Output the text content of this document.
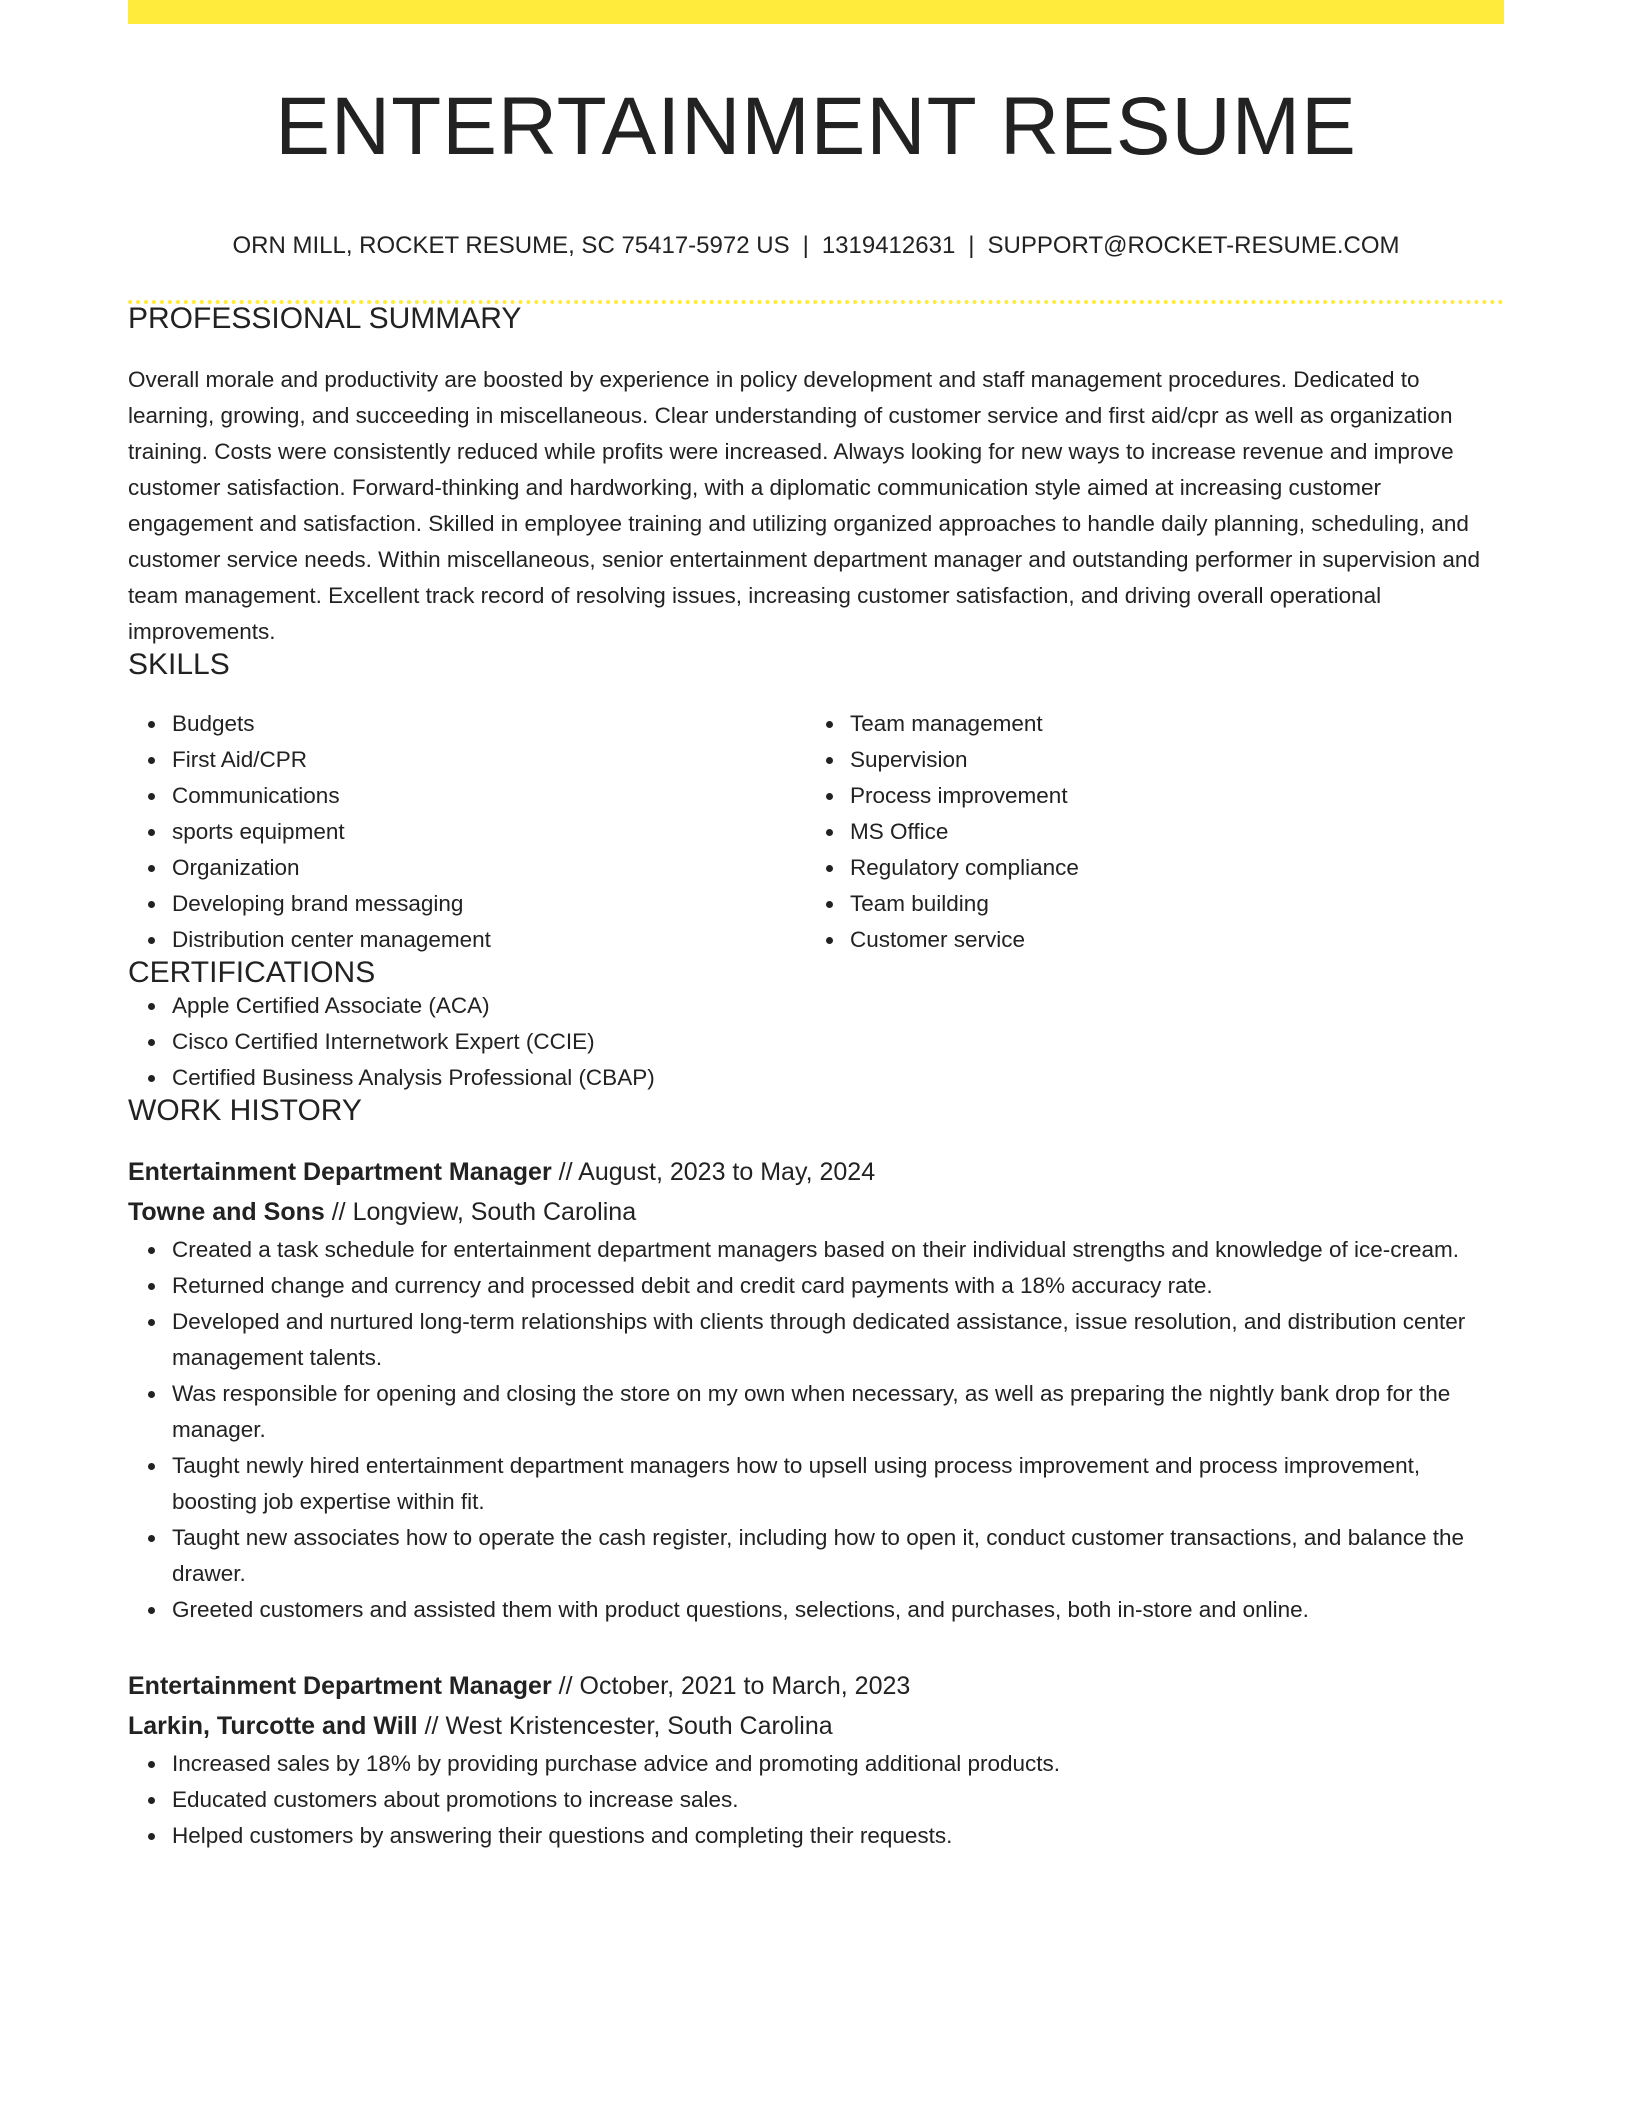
ENTERTAINMENT RESUME
ORN MILL, ROCKET RESUME, SC 75417-5972 US | 1319412631 | SUPPORT@ROCKET-RESUME.COM
PROFESSIONAL SUMMARY
Overall morale and productivity are boosted by experience in policy development and staff management procedures. Dedicated to learning, growing, and succeeding in miscellaneous. Clear understanding of customer service and first aid/cpr as well as organization training. Costs were consistently reduced while profits were increased. Always looking for new ways to increase revenue and improve customer satisfaction. Forward-thinking and hardworking, with a diplomatic communication style aimed at increasing customer engagement and satisfaction. Skilled in employee training and utilizing organized approaches to handle daily planning, scheduling, and customer service needs. Within miscellaneous, senior entertainment department manager and outstanding performer in supervision and team management. Excellent track record of resolving issues, increasing customer satisfaction, and driving overall operational improvements.
SKILLS
Budgets
First Aid/CPR
Communications
sports equipment
Organization
Developing brand messaging
Distribution center management
Team management
Supervision
Process improvement
MS Office
Regulatory compliance
Team building
Customer service
CERTIFICATIONS
Apple Certified Associate (ACA)
Cisco Certified Internetwork Expert (CCIE)
Certified Business Analysis Professional (CBAP)
WORK HISTORY
Entertainment Department Manager // August, 2023 to May, 2024
Towne and Sons // Longview, South Carolina
Created a task schedule for entertainment department managers based on their individual strengths and knowledge of ice-cream.
Returned change and currency and processed debit and credit card payments with a 18% accuracy rate.
Developed and nurtured long-term relationships with clients through dedicated assistance, issue resolution, and distribution center management talents.
Was responsible for opening and closing the store on my own when necessary, as well as preparing the nightly bank drop for the manager.
Taught newly hired entertainment department managers how to upsell using process improvement and process improvement, boosting job expertise within fit.
Taught new associates how to operate the cash register, including how to open it, conduct customer transactions, and balance the drawer.
Greeted customers and assisted them with product questions, selections, and purchases, both in-store and online.
Entertainment Department Manager // October, 2021 to March, 2023
Larkin, Turcotte and Will // West Kristencester, South Carolina
Increased sales by 18% by providing purchase advice and promoting additional products.
Educated customers about promotions to increase sales.
Helped customers by answering their questions and completing their requests.
